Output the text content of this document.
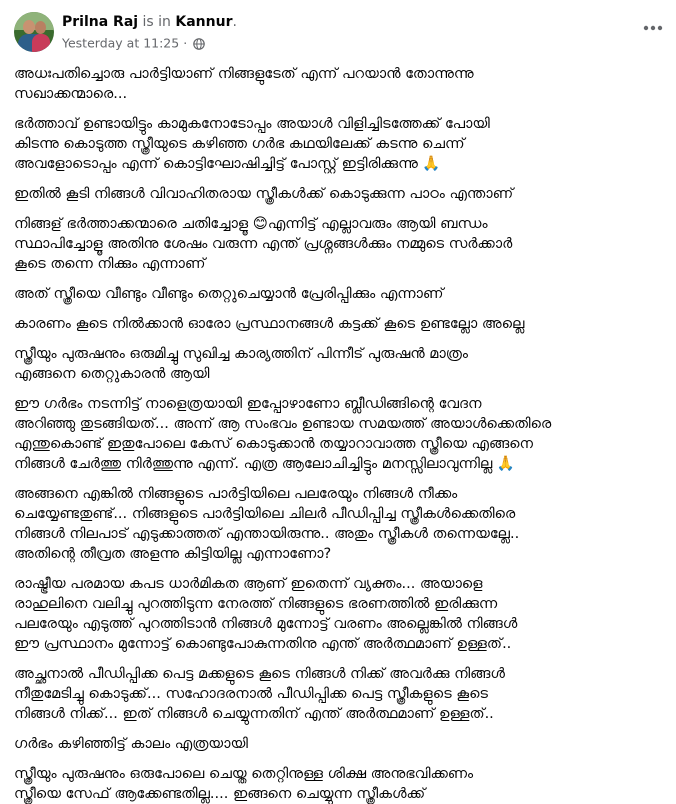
Prilna Raj is in Kannur.
Yesterday at 11:25 ·

അധഃപതിച്ചൊരു പാർട്ടിയാണ് നിങ്ങളുടേത് എന്ന് പറയാൻ തോന്നുന്നു
സഖാക്കന്മാരെ...

ഭർത്താവ് ഉണ്ടായിട്ടും കാമുകനോടോപ്പം അയാൾ വിളിച്ചിടത്തേക്ക് പോയി
കിടന്നു കൊടുത്ത സ്ത്രീയുടെ കഴിഞ്ഞ ഗർഭ കഥയിലേക്ക് കടന്നു ചെന്ന്
അവളോടൊപ്പം എന്ന് കൊട്ടിഘോഷിച്ചിട്ട് പോസ്റ്റ്‌ ഇട്ടിരിക്കുന്നു 🙏

ഇതിൽ കൂടി നിങ്ങൾ വിവാഹിതരായ സ്ത്രീകൾക്ക് കൊടുക്കുന്ന പാഠം എന്താണ്

നിങ്ങള് ഭർത്താക്കന്മാരെ ചതിച്ചോളൂ 😊എന്നിട്ട് എല്ലാവരും ആയി ബന്ധം
സ്ഥാപിച്ചോളൂ അതിനു ശേഷം വരുന്ന എന്ത് പ്രശ്നങ്ങൾക്കും നമ്മുടെ സർക്കാർ
കൂടെ തന്നെ നിക്കും എന്നാണ്

അത് സ്ത്രീയെ വീണ്ടും വീണ്ടും തെറ്റുചെയ്യാൻ പ്രേരിപ്പിക്കും എന്നാണ്

കാരണം കൂടെ നിൽക്കാൻ ഓരോ പ്രസ്ഥാനങ്ങൾ കട്ടക്ക് കൂടെ ഉണ്ടല്ലോ അല്ലെ

സ്ത്രീയും പുരുഷനും ഒരുമിച്ചു സുഖിച്ച കാര്യത്തിന് പിന്നീട് പുരുഷൻ മാത്രം
എങ്ങനെ തെറ്റുകാരൻ ആയി

ഈ ഗർഭം നടന്നിട്ട് നാളെത്രയായി ഇപ്പോഴാണോ ബ്ലീഡിങ്ങിന്റെ വേദന
അറിഞ്ഞു തുടങ്ങിയത്... അന്ന് ആ സംഭവം ഉണ്ടായ സമയത്ത് അയാൾക്കെതിരെ
എന്തുകൊണ്ട് ഇതുപോലെ കേസ് കൊടുക്കാൻ തയ്യാറാവാത്ത സ്ത്രീയെ എങ്ങനെ
നിങ്ങൾ ചേർത്തു നിർത്തുന്നു എന്ന്. എത്ര ആലോചിച്ചിട്ടും മനസ്സിലാവുന്നില്ല 🙏

അങ്ങനെ എങ്കിൽ നിങ്ങളുടെ പാർട്ടിയിലെ പലരേയും നിങ്ങൾ നീക്കം
ചെയ്യേണ്ടതുണ്ട്... നിങ്ങളുടെ പാർട്ടിയിലെ ചിലർ പീഡിപ്പിച്ച സ്ത്രീകൾക്കെതിരെ
നിങ്ങൾ നിലപാട് എടുക്കാത്തത് എന്തായിരുന്നു.. അതും സ്ത്രീകൾ തന്നെയല്ലേ..
അതിന്റെ തീവ്രത അളന്നു കിട്ടിയില്ല എന്നാണോ?

രാഷ്ട്രീയ പരമായ കപട ധാർമികത ആണ് ഇതെന്ന് വ്യക്തം... അയാളെ
രാഹുലിനെ വലിച്ചു പുറത്തിടുന്ന നേരത്ത് നിങ്ങളുടെ ഭരണത്തിൽ ഇരിക്കുന്ന
പലരേയും എടുത്ത് പുറത്തിടാൻ നിങ്ങൾ മുന്നോട്ട് വരണം അല്ലെങ്കിൽ നിങ്ങൾ
ഈ പ്രസ്ഥാനം മുന്നോട്ട് കൊണ്ടുപോകുന്നതിനു എന്ത് അർത്ഥമാണ് ഉള്ളത്..

അച്ഛനാൽ പീഡിപ്പിക്ക പെട്ട മക്കളുടെ കൂടെ നിങ്ങൾ നിക്ക് അവർക്കു നിങ്ങൾ
നീതുമേടിച്ചു കൊടുക്ക്... സഹോദരനാൽ പീഡിപ്പിക്ക പെട്ട സ്ത്രീകളുടെ കൂടെ
നിങ്ങൾ നിക്ക്... ഇത് നിങ്ങൾ ചെയ്യുന്നതിന് എന്ത് അർത്ഥമാണ് ഉള്ളത്..

ഗർഭം കഴിഞ്ഞിട്ട് കാലം എത്രയായി

സ്ത്രീയും പുരുഷനും ഒരുപോലെ ചെയ്ത തെറ്റിനുള്ള ശിക്ഷ അനുഭവിക്കണം
സ്ത്രീയെ സേഫ് ആക്കേണ്ടതില്ല.... ഇങ്ങനെ ചെയ്യുന്ന സ്ത്രീകൾക്ക്
